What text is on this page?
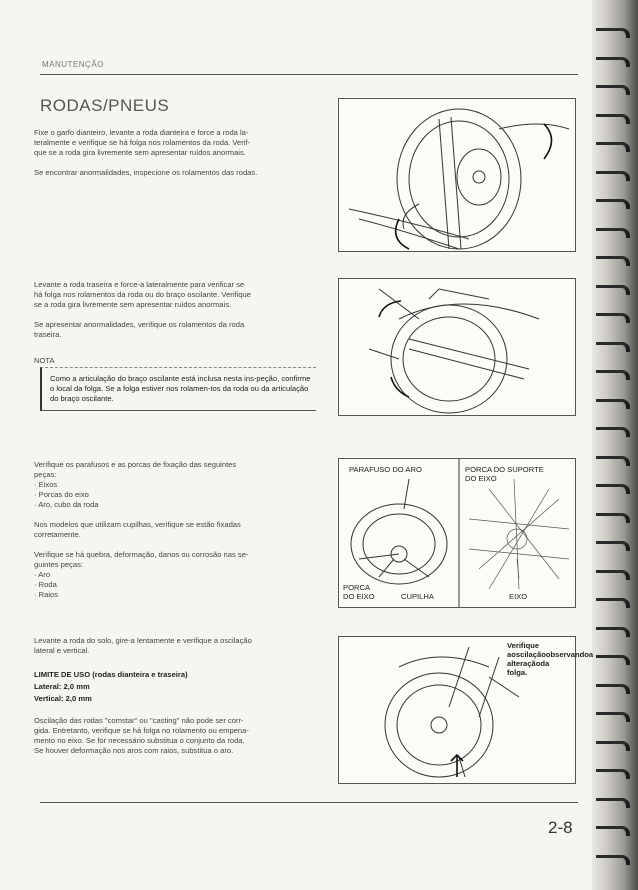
MANUTENÇÃO
RODAS/PNEUS
Fixe o garfo dianteiro, levante a roda dianteira e force a roda la-
teralmente e verifique se há folga nos rolamentos da roda. Verif-
que se a roda gira livremente sem apresentar ruídos anormais.

Se encontrar anormalidades, inspecione os rolamentos das rodas.
Levante a roda traseira e force-a lateralmente para verificar se
há folga nos rolamentos da roda ou do braço oscilante. Verifique
se a roda gira livremente sem apresentar ruídos anormais.

Se apresentar anormalidades, verifique os rolamentos da roda
traseira.
NOTA
Como a articulação do braço oscilante está inclusa nesta ins-peção, confirme o local da folga. Se a folga estiver nos rolamen-tos da roda ou da articulação do braço oscilante.
Verifique os parafusos e as porcas de fixação das seguintes
peças:
· Eixos
· Porcas do eixo
· Aro, cubo da roda

Nos modelos que utilizam cupilhas, verifique se estão fixadas
corretamente.

Verifique se há quebra, deformação, danos ou corrosão nas se-
guintes peças:
· Aro
· Roda
· Raios
Levante a roda do solo, gire-a lentamente e verifique a oscilação
lateral e vertical.
LIMITE DE USO (rodas dianteira e traseira)
Lateral: 2,0 mm
Vertical: 2,0 mm
Oscilação das rodas "comstar" ou "casting" não pode ser corr-
gida. Entretanto, verifique se há folga no rolamento ou empena-
mento no eixo. Se for necessário substitua o conjunto da roda.
Se houver deformação nos aros com raios, substitua o aro.
PARAFUSO DO ARO	PORCA DO SUPORTE
DO EIXO
PORCA
DO EIXO	CUPILHA	EIXO
Verifique aoscilaçãoobservandoa alteraçãoda folga.
2-8
